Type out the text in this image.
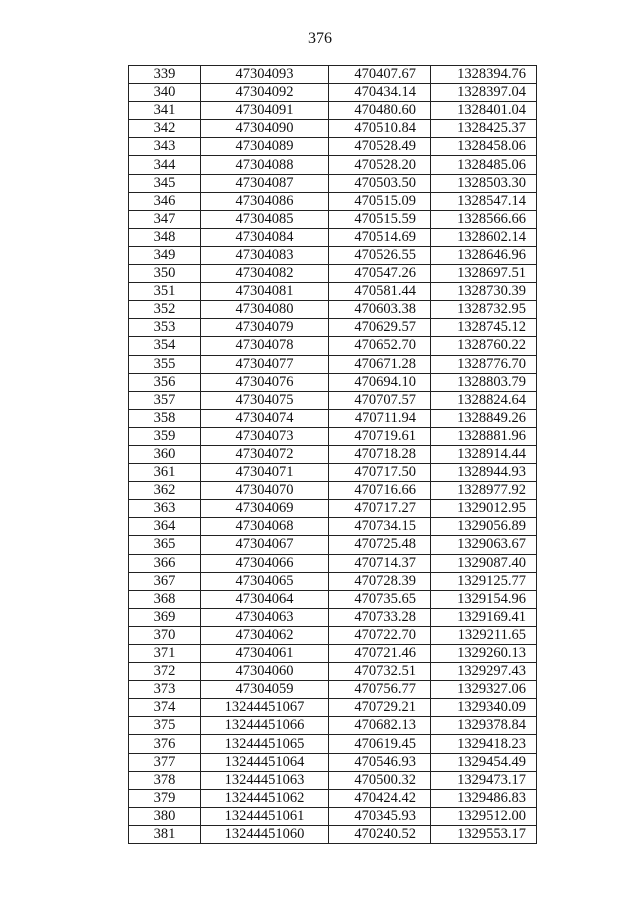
376
339	47304093	470407.67	1328394.76
340	47304092	470434.14	1328397.04
341	47304091	470480.60	1328401.04
342	47304090	470510.84	1328425.37
343	47304089	470528.49	1328458.06
344	47304088	470528.20	1328485.06
345	47304087	470503.50	1328503.30
346	47304086	470515.09	1328547.14
347	47304085	470515.59	1328566.66
348	47304084	470514.69	1328602.14
349	47304083	470526.55	1328646.96
350	47304082	470547.26	1328697.51
351	47304081	470581.44	1328730.39
352	47304080	470603.38	1328732.95
353	47304079	470629.57	1328745.12
354	47304078	470652.70	1328760.22
355	47304077	470671.28	1328776.70
356	47304076	470694.10	1328803.79
357	47304075	470707.57	1328824.64
358	47304074	470711.94	1328849.26
359	47304073	470719.61	1328881.96
360	47304072	470718.28	1328914.44
361	47304071	470717.50	1328944.93
362	47304070	470716.66	1328977.92
363	47304069	470717.27	1329012.95
364	47304068	470734.15	1329056.89
365	47304067	470725.48	1329063.67
366	47304066	470714.37	1329087.40
367	47304065	470728.39	1329125.77
368	47304064	470735.65	1329154.96
369	47304063	470733.28	1329169.41
370	47304062	470722.70	1329211.65
371	47304061	470721.46	1329260.13
372	47304060	470732.51	1329297.43
373	47304059	470756.77	1329327.06
374	13244451067	470729.21	1329340.09
375	13244451066	470682.13	1329378.84
376	13244451065	470619.45	1329418.23
377	13244451064	470546.93	1329454.49
378	13244451063	470500.32	1329473.17
379	13244451062	470424.42	1329486.83
380	13244451061	470345.93	1329512.00
381	13244451060	470240.52	1329553.17
